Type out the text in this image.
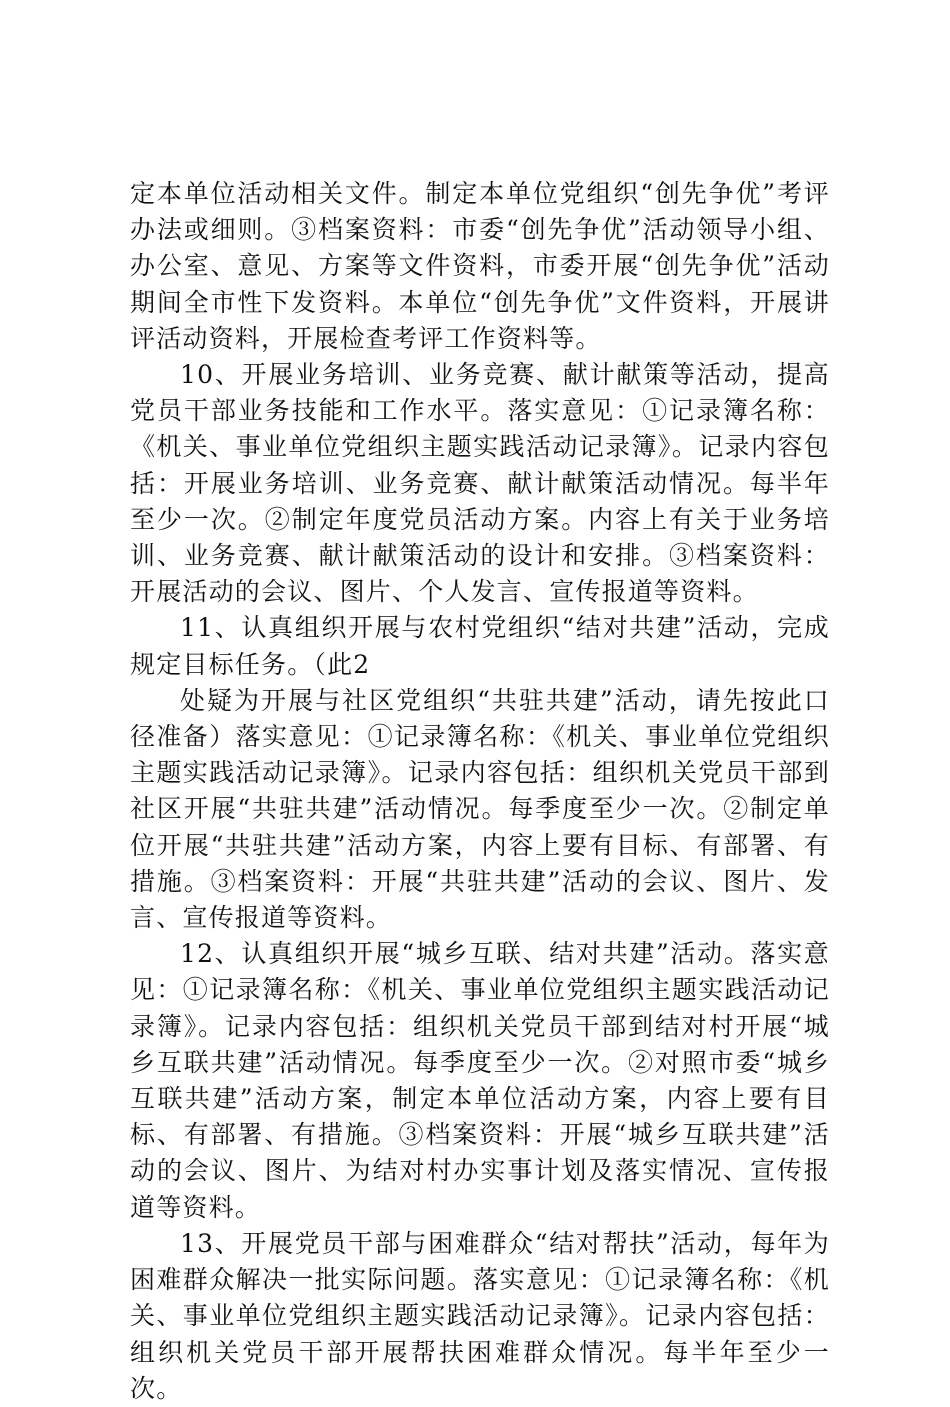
定本单位活动相关文件。制定本单位党组织“创先争优”考评办法或细则。③档案资料：市委“创先争优”活动领导小组、办公室、意见、方案等文件资料，市委开展“创先争优”活动期间全市性下发资料。本单位“创先争优”文件资料，开展讲评活动资料，开展检查考评工作资料等。

10、开展业务培训、业务竞赛、献计献策等活动，提高党员干部业务技能和工作水平。落实意见：①记录簿名称：《机关、事业单位党组织主题实践活动记录簿》。记录内容包括：开展业务培训、业务竞赛、献计献策活动情况。每半年至少一次。②制定年度党员活动方案。内容上有关于业务培训、业务竞赛、献计献策活动的设计和安排。③档案资料：开展活动的会议、图片、个人发言、宣传报道等资料。

11、认真组织开展与农村党组织“结对共建”活动，完成规定目标任务。（此2

处疑为开展与社区党组织“共驻共建”活动，请先按此口径准备）落实意见：①记录簿名称：《机关、事业单位党组织主题实践活动记录簿》。记录内容包括：组织机关党员干部到社区开展“共驻共建”活动情况。每季度至少一次。②制定单位开展“共驻共建”活动方案，内容上要有目标、有部署、有措施。③档案资料：开展“共驻共建”活动的会议、图片、发言、宣传报道等资料。

12、认真组织开展“城乡互联、结对共建”活动。落实意见：①记录簿名称：《机关、事业单位党组织主题实践活动记录簿》。记录内容包括：组织机关党员干部到结对村开展“城乡互联共建”活动情况。每季度至少一次。②对照市委“城乡互联共建”活动方案，制定本单位活动方案，内容上要有目标、有部署、有措施。③档案资料：开展“城乡互联共建”活动的会议、图片、为结对村办实事计划及落实情况、宣传报道等资料。

13、开展党员干部与困难群众“结对帮扶”活动，每年为困难群众解决一批实际问题。落实意见：①记录簿名称：《机关、事业单位党组织主题实践活动记录簿》。记录内容包括：组织机关党员干部开展帮扶困难群众情况。每半年至少一次。
